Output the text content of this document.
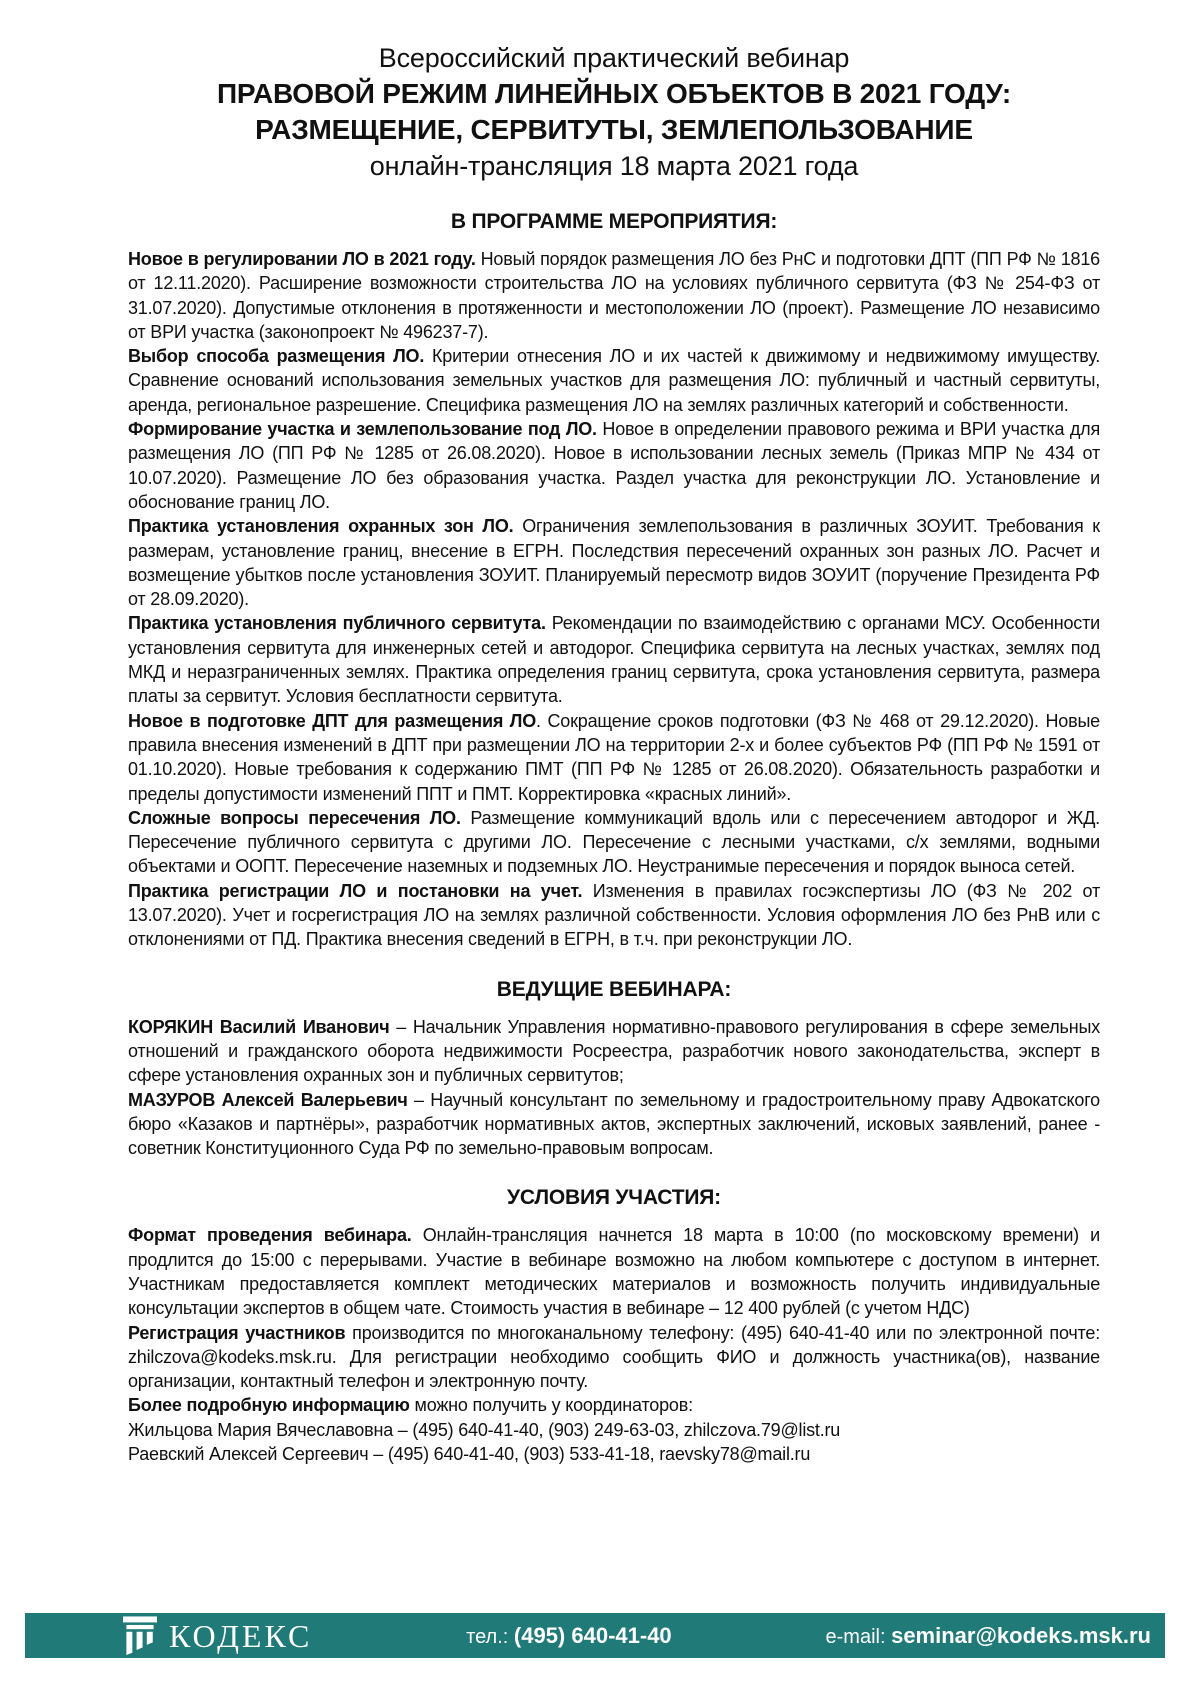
Всероссийский практический вебинар
ПРАВОВОЙ РЕЖИМ ЛИНЕЙНЫХ ОБЪЕКТОВ В 2021 ГОДУ:
РАЗМЕЩЕНИЕ, СЕРВИТУТЫ, ЗЕМЛЕПОЛЬЗОВАНИЕ
онлайн-трансляция 18 марта 2021 года
В ПРОГРАММЕ МЕРОПРИЯТИЯ:

Новое в регулировании ЛО в 2021 году. Новый порядок размещения ЛО без РнС и подготовки ДПТ (ПП РФ № 1816 от 12.11.2020). Расширение возможности строительства ЛО на условиях публичного сервитута (ФЗ № 254-ФЗ от 31.07.2020). Допустимые отклонения в протяженности и местоположении ЛО (проект). Размещение ЛО независимо от ВРИ участка (законопроект № 496237-7).

Выбор способа размещения ЛО. Критерии отнесения ЛО и их частей к движимому и недвижимому имуществу. Сравнение оснований использования земельных участков для размещения ЛО: публичный и частный сервитуты, аренда, региональное разрешение. Специфика размещения ЛО на землях различных категорий и собственности.

Формирование участка и землепользование под ЛО. Новое в определении правового режима и ВРИ участка для размещения ЛО (ПП РФ № 1285 от 26.08.2020). Новое в использовании лесных земель (Приказ МПР № 434 от 10.07.2020). Размещение ЛО без образования участка. Раздел участка для реконструкции ЛО. Установление и обоснование границ ЛО.

Практика установления охранных зон ЛО. Ограничения землепользования в различных ЗОУИТ. Требования к размерам, установление границ, внесение в ЕГРН. Последствия пересечений охранных зон разных ЛО. Расчет и возмещение убытков после установления ЗОУИТ. Планируемый пересмотр видов ЗОУИТ (поручение Президента РФ от 28.09.2020).

Практика установления публичного сервитута. Рекомендации по взаимодействию с органами МСУ. Особенности установления сервитута для инженерных сетей и автодорог. Специфика сервитута на лесных участках, землях под МКД и неразграниченных землях. Практика определения границ сервитута, срока установления сервитута, размера платы за сервитут. Условия бесплатности сервитута.

Новое в подготовке ДПТ для размещения ЛО. Сокращение сроков подготовки (ФЗ № 468 от 29.12.2020). Новые правила внесения изменений в ДПТ при размещении ЛО на территории 2-х и более субъектов РФ (ПП РФ № 1591 от 01.10.2020). Новые требования к содержанию ПМТ (ПП РФ № 1285 от 26.08.2020). Обязательность разработки и пределы допустимости изменений ППТ и ПМТ. Корректировка «красных линий».

Сложные вопросы пересечения ЛО. Размещение коммуникаций вдоль или с пересечением автодорог и ЖД. Пересечение публичного сервитута с другими ЛО. Пересечение с лесными участками, с/х землями, водными объектами и ООПТ. Пересечение наземных и подземных ЛО. Неустранимые пересечения и порядок выноса сетей.

Практика регистрации ЛО и постановки на учет. Изменения в правилах госэкспертизы ЛО (ФЗ № 202 от 13.07.2020). Учет и госрегистрация ЛО на землях различной собственности. Условия оформления ЛО без РнВ или с отклонениями от ПД. Практика внесения сведений в ЕГРН, в т.ч. при реконструкции ЛО.

ВЕДУЩИЕ ВЕБИНАРА:

КОРЯКИН Василий Иванович – Начальник Управления нормативно-правового регулирования в сфере земельных отношений и гражданского оборота недвижимости Росреестра, разработчик нового законодательства, эксперт в сфере установления охранных зон и публичных сервитутов;

МАЗУРОВ Алексей Валерьевич – Научный консультант по земельному и градостроительному праву Адвокатского бюро «Казаков и партнёры», разработчик нормативных актов, экспертных заключений, исковых заявлений, ранее - советник Конституционного Суда РФ по земельно-правовым вопросам.

УСЛОВИЯ УЧАСТИЯ:

Формат проведения вебинара. Онлайн-трансляция начнется 18 марта в 10:00 (по московскому времени) и продлится до 15:00 с перерывами. Участие в вебинаре возможно на любом компьютере с доступом в интернет. Участникам предоставляется комплект методических материалов и возможность получить индивидуальные консультации экспертов в общем чате. Стоимость участия в вебинаре – 12 400 рублей (с учетом НДС)

Регистрация участников производится по многоканальному телефону: (495) 640-41-40 или по электронной почте: zhilczova@kodeks.msk.ru. Для регистрации необходимо сообщить ФИО и должность участника(ов), название организации, контактный телефон и электронную почту.

Более подробную информацию можно получить у координаторов:

Жильцова Мария Вячеславовна – (495) 640-41-40, (903) 249-63-03, zhilczova.79@list.ru

Раевский Алексей Сергеевич – (495) 640-41-40, (903) 533-41-18, raevsky78@mail.ru

КОДЕКС	тел.: (495) 640-41-40	e-mail: seminar@kodeks.msk.ru
